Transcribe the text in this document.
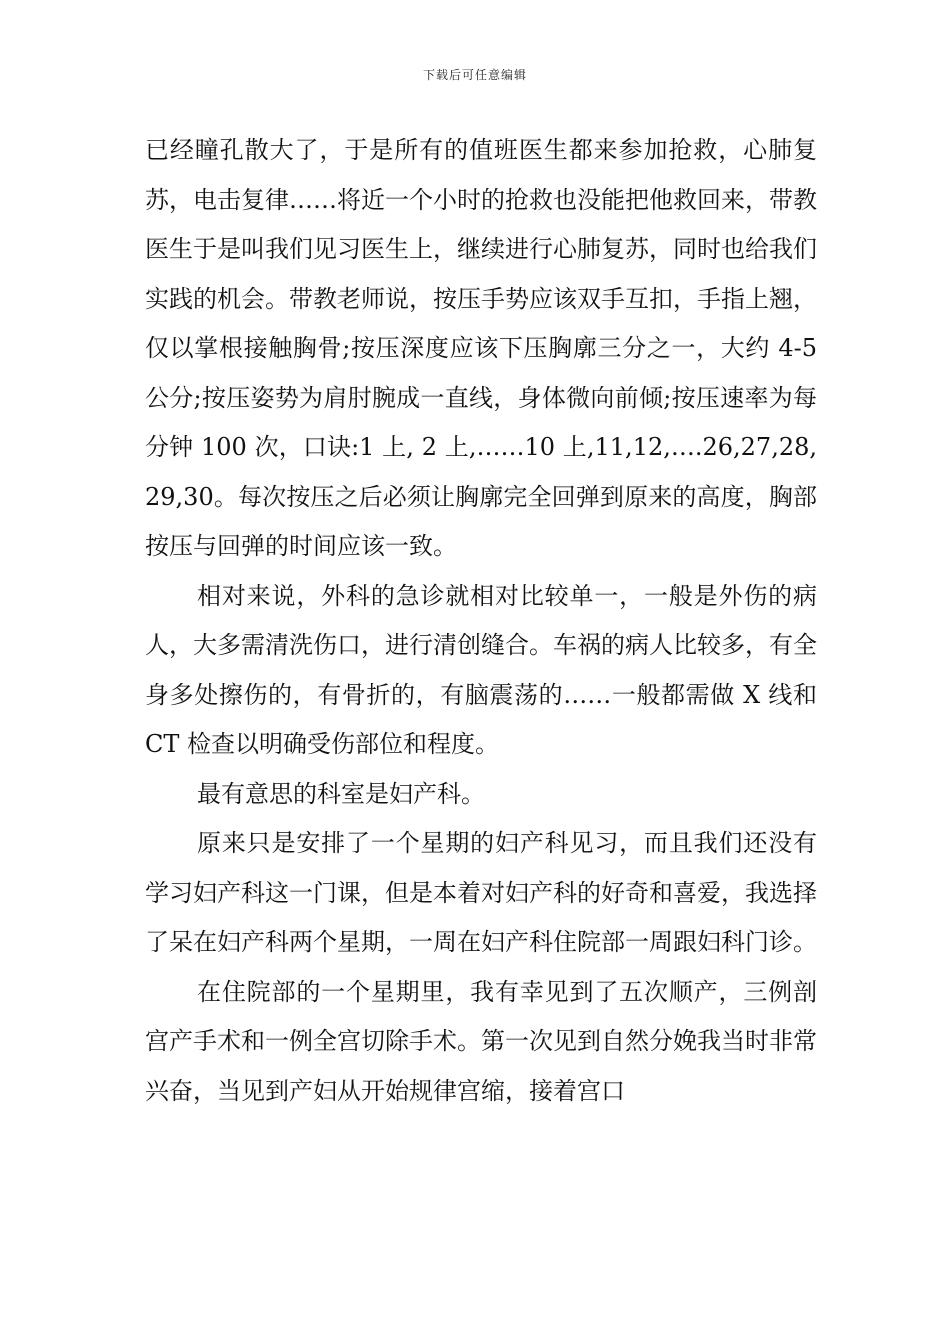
下载后可任意编辑

已经瞳孔散大了，于是所有的值班医生都来参加抢救，心肺复苏，电击复律……将近一个小时的抢救也没能把他救回来，带教医生于是叫我们见习医生上，继续进行心肺复苏，同时也给我们实践的机会。带教老师说，按压手势应该双手互扣，手指上翘，仅以掌根接触胸骨;按压深度应该下压胸廓三分之一，大约 4-5 公分;按压姿势为肩肘腕成一直线，身体微向前倾;按压速率为每分钟 100 次，口诀:1 上, 2 上,……10 上,11,12,….26,27,28,29,30。每次按压之后必须让胸廓完全回弹到原来的高度，胸部按压与回弹的时间应该一致。

相对来说，外科的急诊就相对比较单一，一般是外伤的病人，大多需清洗伤口，进行清创缝合。车祸的病人比较多，有全身多处擦伤的，有骨折的，有脑震荡的……一般都需做 X 线和 CT 检查以明确受伤部位和程度。

最有意思的科室是妇产科。

原来只是安排了一个星期的妇产科见习，而且我们还没有学习妇产科这一门课，但是本着对妇产科的好奇和喜爱，我选择了呆在妇产科两个星期，一周在妇产科住院部一周跟妇科门诊。

在住院部的一个星期里，我有幸见到了五次顺产，三例剖宫产手术和一例全宫切除手术。第一次见到自然分娩我当时非常兴奋，当见到产妇从开始规律宫缩，接着宫口
